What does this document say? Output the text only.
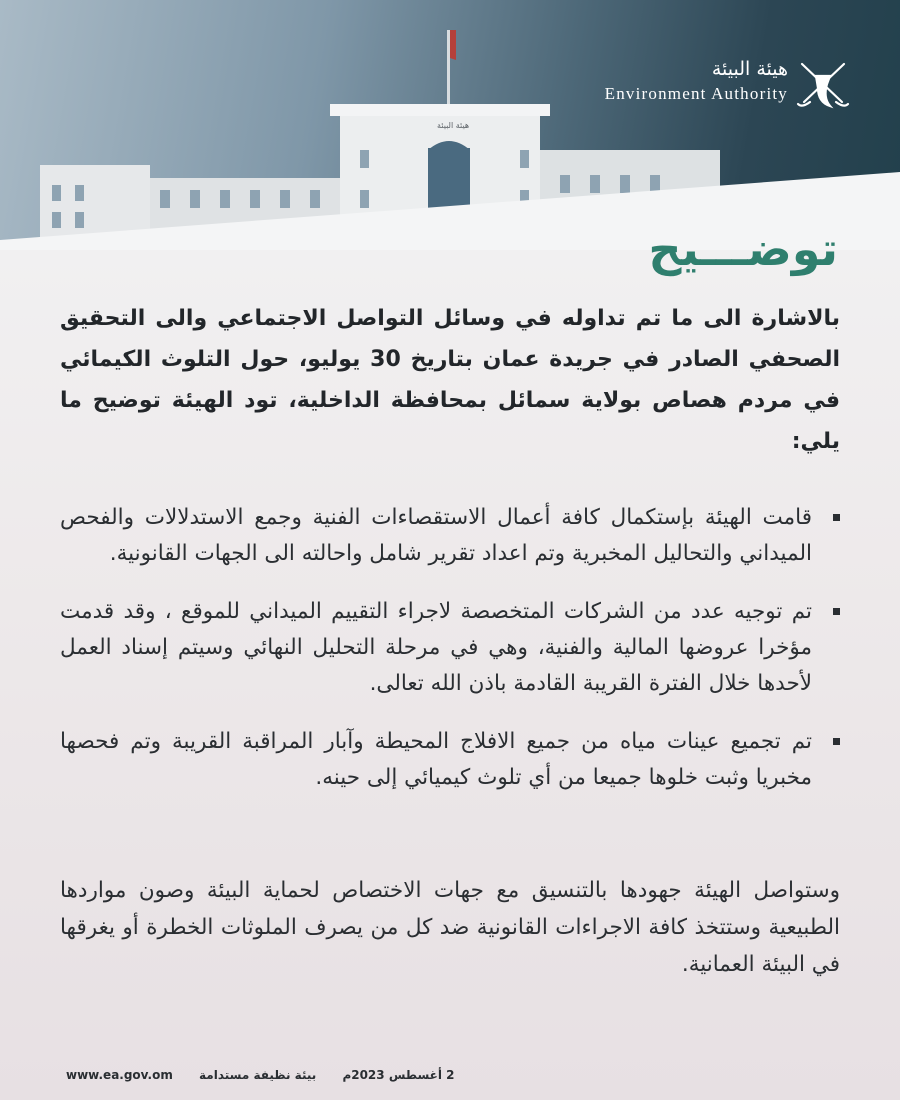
هيئة البيئة
هيئة البيئة
Environment Authority
توضـــيح
بالاشارة الى ما تم تداوله في وسائل التواصل الاجتماعي والى التحقيق الصحفي الصادر في جريدة عمان بتاريخ 30 يوليو، حول التلوث الكيمائي في مردم هصاص بولاية سمائل بمحافظة الداخلية، تود الهيئة توضيح ما يلي:
قامت الهيئة بإستكمال كافة أعمال الاستقصاءات الفنية وجمع الاستدلالات والفحص الميداني والتحاليل المخبرية وتم اعداد تقرير شامل واحالته الى الجهات القانونية.
تم توجيه عدد من الشركات المتخصصة لاجراء التقييم الميداني للموقع ، وقد قدمت مؤخرا عروضها المالية والفنية، وهي في مرحلة التحليل النهائي وسيتم إسناد العمل لأحدها خلال الفترة القريبة القادمة باذن الله تعالى.
تم تجميع عينات مياه من جميع الافلاج المحيطة وآبار المراقبة القريبة وتم فحصها مخبريا وثبت خلوها جميعا من أي تلوث كيميائي إلى حينه.
وستواصل الهيئة جهودها بالتنسيق مع جهات الاختصاص لحماية البيئة وصون مواردها الطبيعية وستتخذ كافة الاجراءات القانونية ضد كل من يصرف الملوثات الخطرة أو يغرقها في البيئة العمانية.
www.ea.gov.om بيئة نظيفة مستدامة 2 أغسطس 2023م
